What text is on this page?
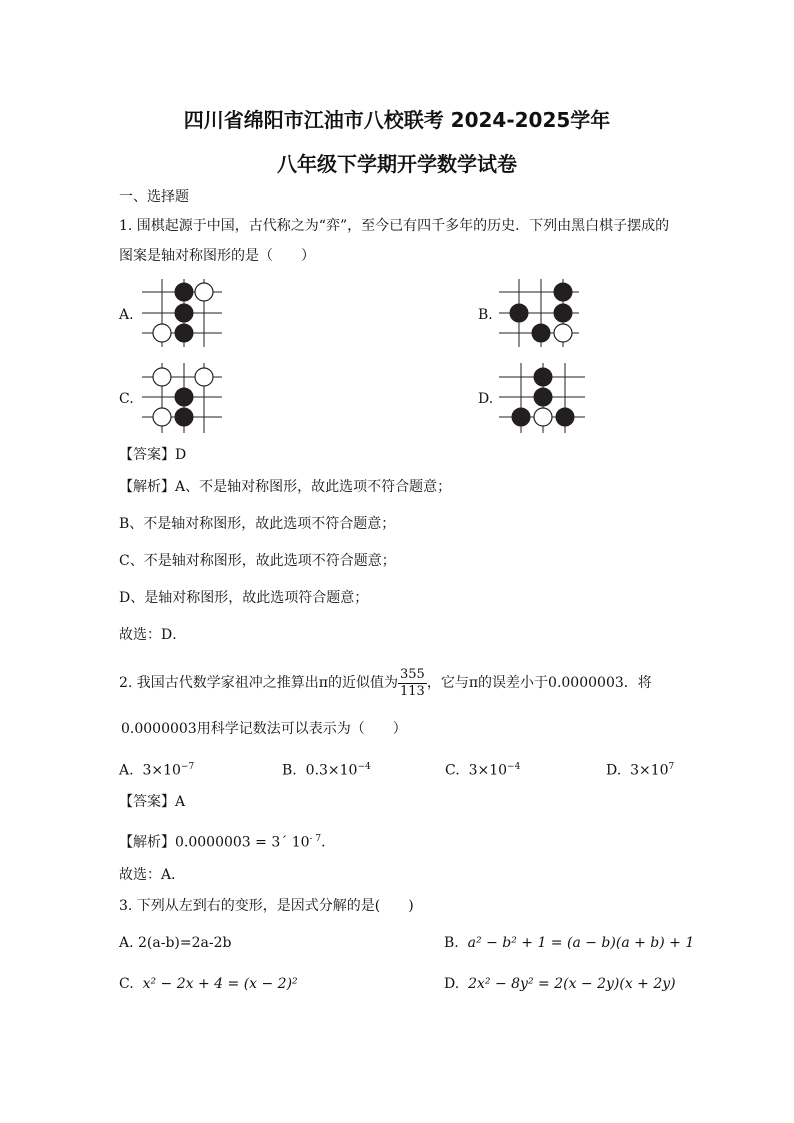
四川省绵阳市江油市八校联考 2024-2025学年
八年级下学期开学数学试卷
一、选择题
1. 围棋起源于中国，古代称之为“弈”，至今已有四千多年的历史．下列由黑白棋子摆成的
图案是轴对称图形的是（　　）
A.	B.
C.	D.
【答案】D
【解析】A、不是轴对称图形，故此选项不符合题意；
B、不是轴对称图形，故此选项不符合题意；
C、不是轴对称图形，故此选项不符合题意；
D、是轴对称图形，故此选项符合题意；
故选：D．
2. 我国古代数学家祖冲之推算出π的近似值为 $\frac{355}{113}$ ，它与π的误差小于0.0000003．将
0.0000003用科学记数法可以表示为（　　）
A. $3\times 10^{-7}$	B. $0.3\times 10^{-4}$	C. $3\times 10^{-4}$	D. $3\times 10^7$
【答案】A
【解析】0.0000003 = 3´ $10^{- 7}$．
故选：A．
3. 下列从左到右的变形，是因式分解的是(　　)
A. 2(a-b)=2a-2b	B. a² − b² + 1 = (a − b)(a + b) + 1
C. x² − 2x + 4 = (x − 2)²	D. 2x² − 8y² = 2(x − 2y)(x + 2y)
